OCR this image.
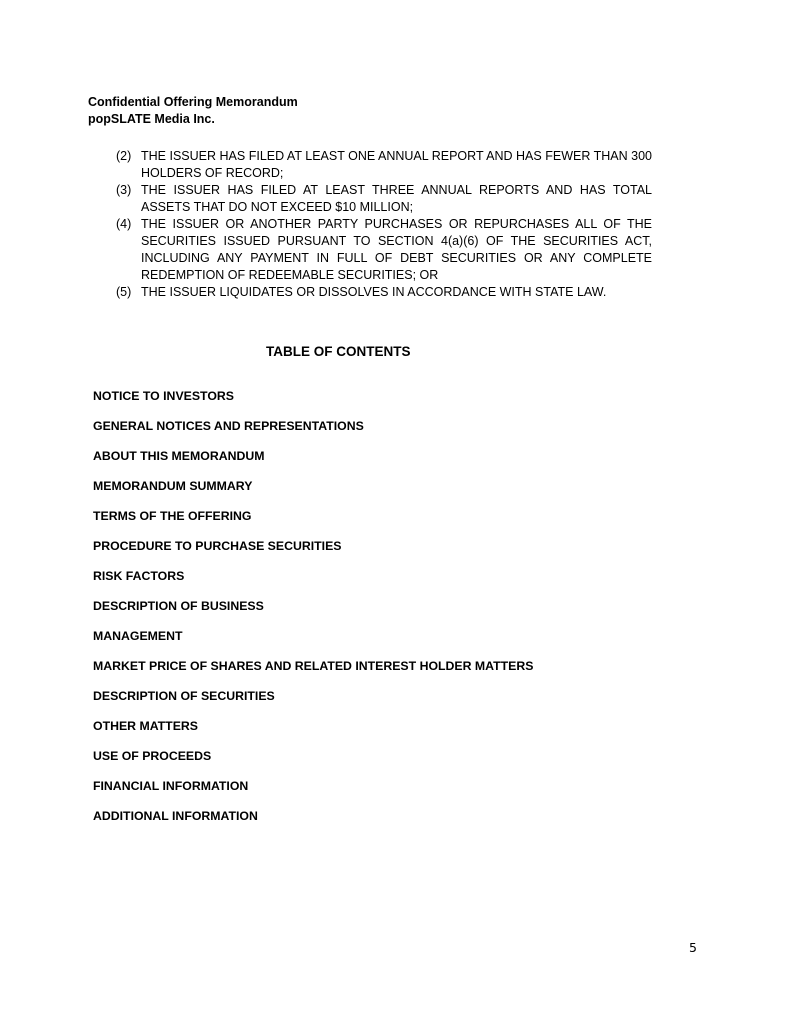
Confidential Offering Memorandum
popSLATE Media Inc.
(2) THE ISSUER HAS FILED AT LEAST ONE ANNUAL REPORT AND HAS FEWER THAN 300 HOLDERS OF RECORD;
(3) THE ISSUER HAS FILED AT LEAST THREE ANNUAL REPORTS AND HAS TOTAL ASSETS THAT DO NOT EXCEED $10 MILLION;
(4) THE ISSUER OR ANOTHER PARTY PURCHASES OR REPURCHASES ALL OF THE SECURITIES ISSUED PURSUANT TO SECTION 4(a)(6) OF THE SECURITIES ACT, INCLUDING ANY PAYMENT IN FULL OF DEBT SECURITIES OR ANY COMPLETE REDEMPTION OF REDEEMABLE SECURITIES; OR
(5) THE ISSUER LIQUIDATES OR DISSOLVES IN ACCORDANCE WITH STATE LAW.
TABLE OF CONTENTS
NOTICE TO INVESTORS
GENERAL NOTICES AND REPRESENTATIONS
ABOUT THIS MEMORANDUM
MEMORANDUM SUMMARY
TERMS OF THE OFFERING
PROCEDURE TO PURCHASE SECURITIES
RISK FACTORS
DESCRIPTION OF BUSINESS
MANAGEMENT
MARKET PRICE OF SHARES AND RELATED INTEREST HOLDER MATTERS
DESCRIPTION OF SECURITIES
OTHER MATTERS
USE OF PROCEEDS
FINANCIAL INFORMATION
ADDITIONAL INFORMATION
5
